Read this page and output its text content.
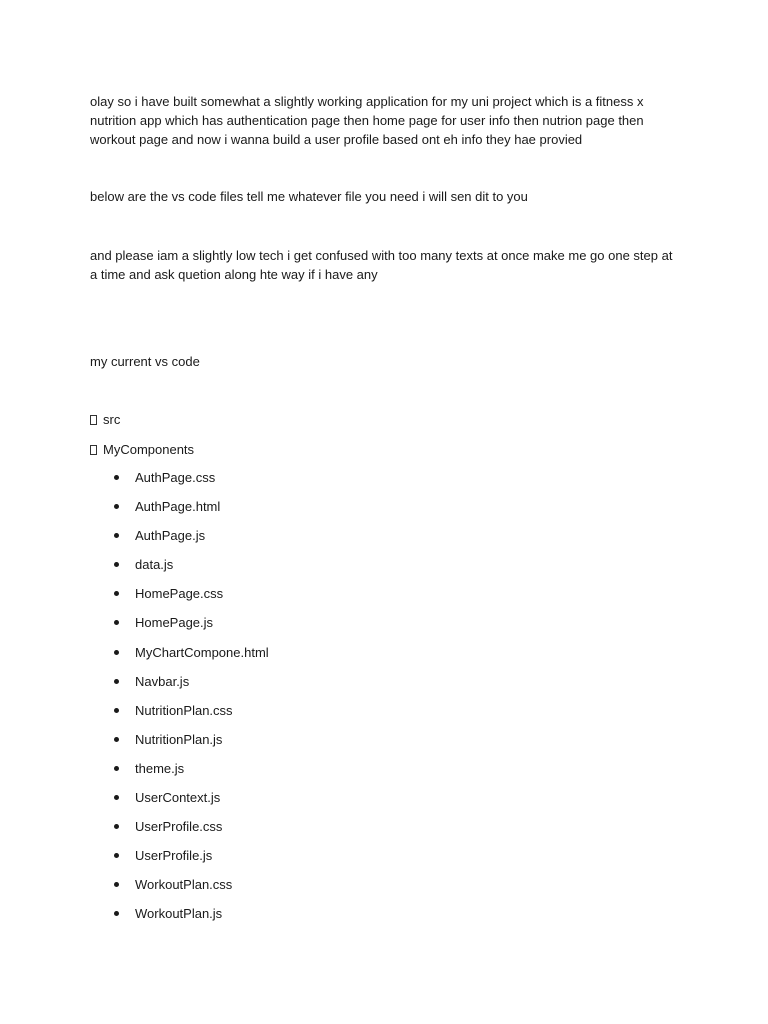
olay so i have built somewhat a slightly working application for my uni project which is a fitness x nutrition app which has authentication page then home page for user info then nutrion page then workout page and now i wanna build a user profile based ont eh info they hae provied

below are the vs code files tell me whatever file you need i will sen dit to you

and please iam a slightly low tech i get confused with too many texts at once make me go one step at a time and ask quetion along hte way if i have any

my current vs code

src
MyComponents
AuthPage.css
AuthPage.html
AuthPage.js
data.js
HomePage.css
HomePage.js
MyChartCompone.html
Navbar.js
NutritionPlan.css
NutritionPlan.js
theme.js
UserContext.js
UserProfile.css
UserProfile.js
WorkoutPlan.css
WorkoutPlan.js
